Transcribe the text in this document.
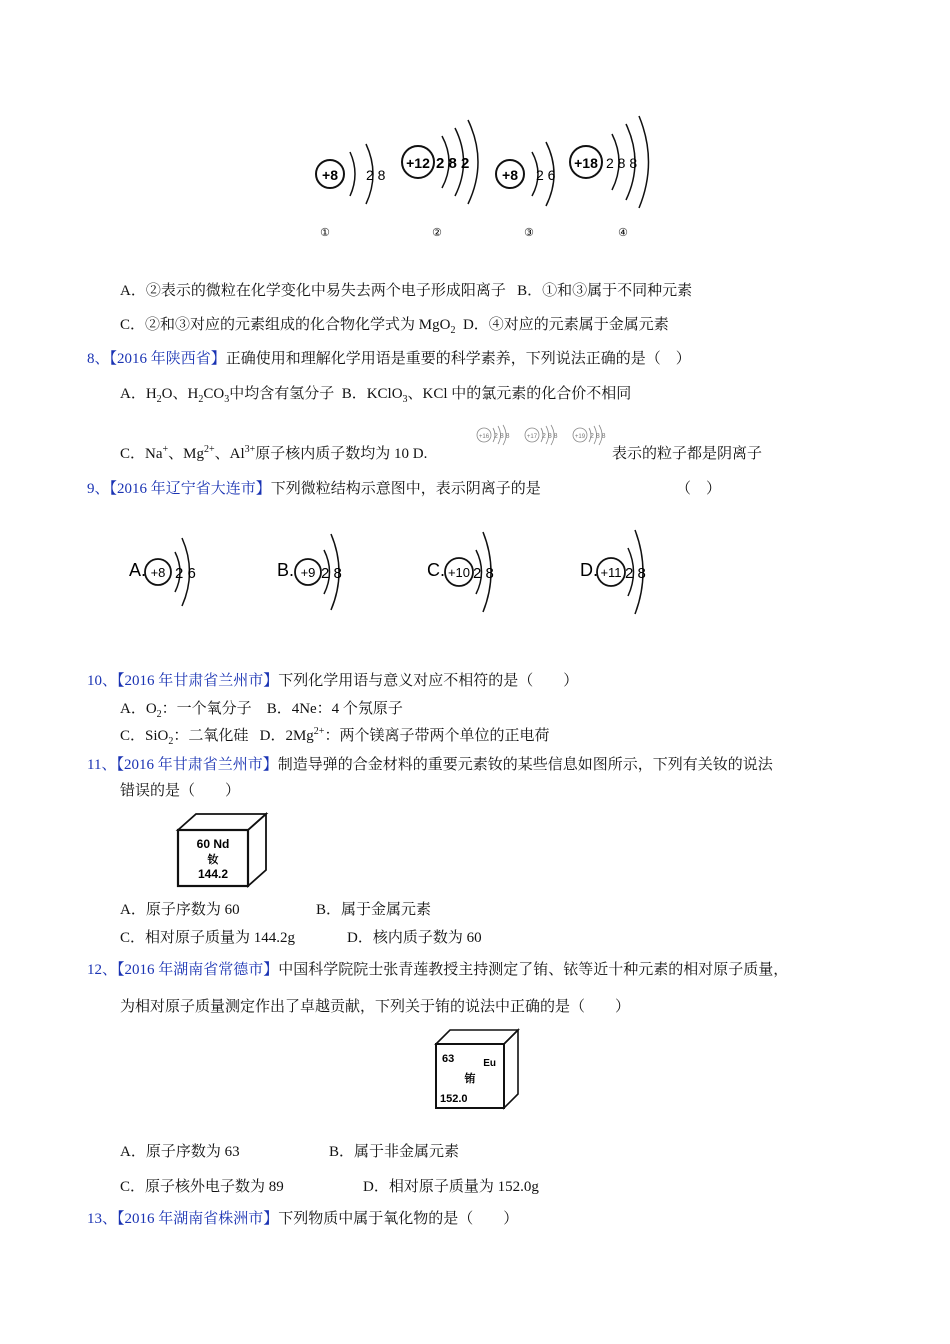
+8 2 8
①
+12 2 8 2
②
+8 2 6
③
+18 2 8 8
④
A．②表示的微粒在化学变化中易失去两个电子形成阳离子 B．①和③属于不同种元素
C．②和③对应的元素组成的化合物化学式为 MgO$_2$ D．④对应的元素属于金属元素
8、【2016 年陕西省】正确使用和理解化学用语是重要的科学素养，下列说法正确的是（　）
A．$H_2O$、$H_2CO_3$中均含有氢分子 B．KClO$_3$、KCl 中的氯元素的化合价不相同
C．Na+、$Mg^{2+}$、$Al^{3+}$原子核内质子数均为 10 D.
+16 2 8 8	+17 2 8 8	+19 2 8 8
表示的粒子都是阴离子
9、【2016 年辽宁省大连市】下列微粒结构示意图中，表示阴离子的是	（　）
A. +8 2 6	B. +9 2 8	C. +10 2 8	D. +11 2 8
10、【2016 年甘肃省兰州市】下列化学用语与意义对应不相符的是（　　）
A．$O_2$：一个氧分子 B．4Ne：4 个氖原子
C．SiO$_2$：二氧化硅 D．$2Mg^{2+}$：两个镁离子带两个单位的正电荷
11、【2016 年甘肃省兰州市】制造导弹的合金材料的重要元素钕的某些信息如图所示，下列有关钕的说法
错误的是（　　）
60 Nd
钕
144.2
A．原子序数为 60	B．属于金属元素
C．相对原子质量为 144.2g	D．核内质子数为 60
12、【2016 年湖南省常德市】中国科学院院士张青莲教授主持测定了铕、铱等近十种元素的相对原子质量，
为相对原子质量测定作出了卓越贡献，下列关于铕的说法中正确的是（　　）
63	Eu
铕
152.0
A．原子序数为 63	B．属于非金属元素
C．原子核外电子数为 89	D．相对原子质量为 152.0g
13、【2016 年湖南省株洲市】下列物质中属于氧化物的是（　　）
